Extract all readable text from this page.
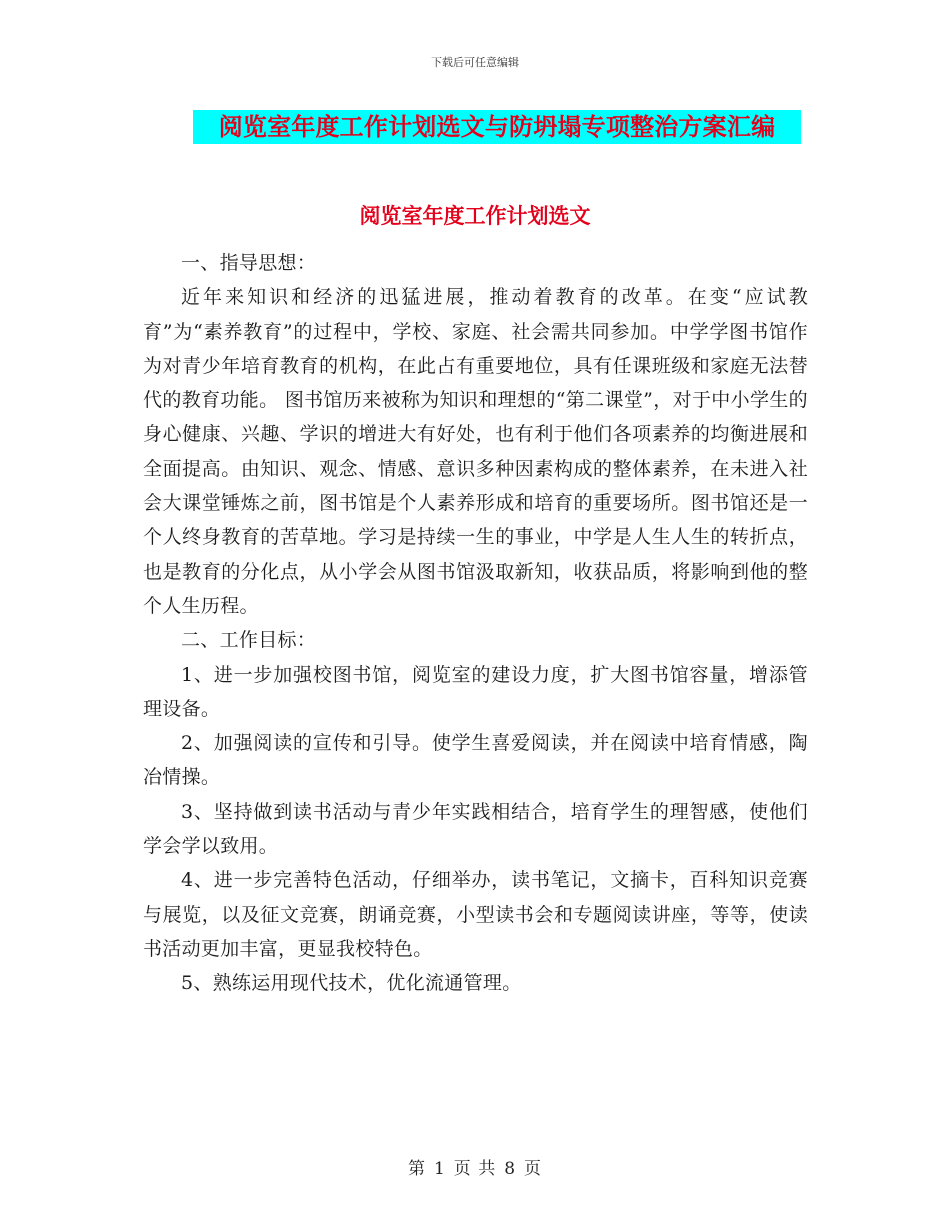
下载后可任意编辑
阅览室年度工作计划选文与防坍塌专项整治方案汇编
阅览室年度工作计划选文

一、指导思想：

近年来知识和经济的迅猛进展，推动着教育的改革。在变“应试教育”为“素养教育”的过程中，学校、家庭、社会需共同参加。中学学图书馆作为对青少年培育教育的机构，在此占有重要地位，具有任课班级和家庭无法替代的教育功能。 图书馆历来被称为知识和理想的“第二课堂”，对于中小学生的身心健康、兴趣、学识的增进大有好处，也有利于他们各项素养的均衡进展和全面提高。由知识、观念、情感、意识多种因素构成的整体素养，在未进入社会大课堂锤炼之前，图书馆是个人素养形成和培育的重要场所。图书馆还是一个人终身教育的苦草地。学习是持续一生的事业，中学是人生人生的转折点，也是教育的分化点，从小学会从图书馆汲取新知，收获品质，将影响到他的整个人生历程。

二、工作目标：

1、进一步加强校图书馆，阅览室的建设力度，扩大图书馆容量，增添管理设备。

2、加强阅读的宣传和引导。使学生喜爱阅读，并在阅读中培育情感，陶冶情操。

3、坚持做到读书活动与青少年实践相结合，培育学生的理智感，使他们学会学以致用。

4、进一步完善特色活动，仔细举办，读书笔记，文摘卡，百科知识竞赛与展览，以及征文竞赛，朗诵竞赛，小型读书会和专题阅读讲座，等等，使读书活动更加丰富，更显我校特色。

5、熟练运用现代技术，优化流通管理。

第 1 页 共 8 页
